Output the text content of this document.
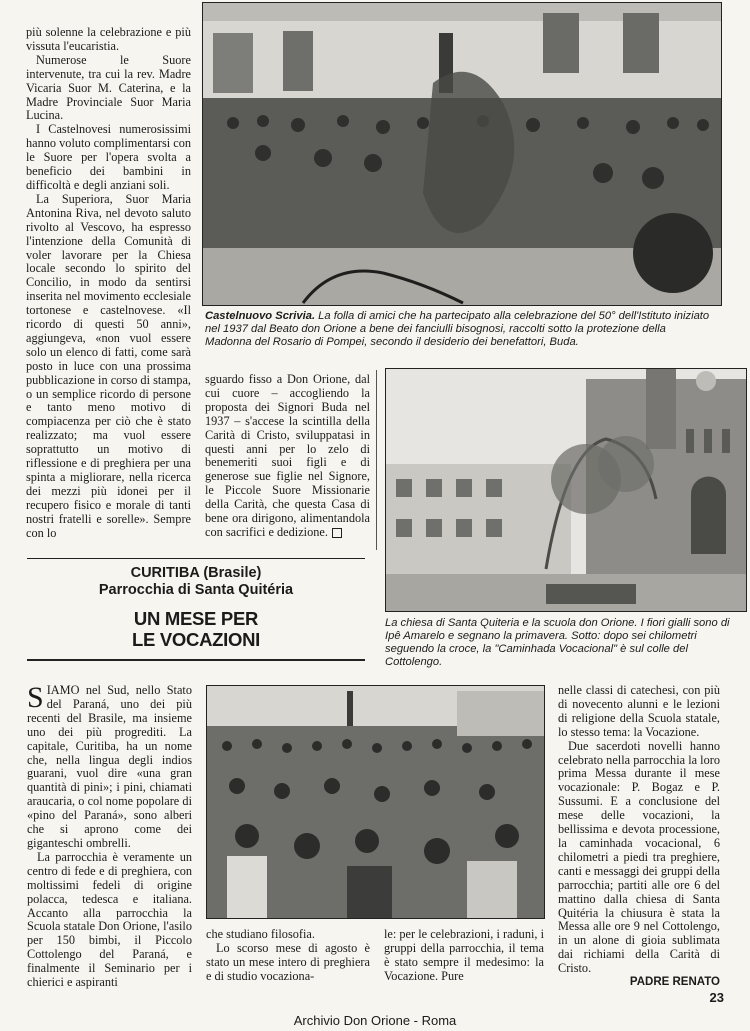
più solenne la celebrazione e più vissuta l'eucaristia.

Numerose le Suore intervenute, tra cui la rev. Madre Vicaria Suor M. Caterina, e la Madre Provinciale Suor Maria Lucina.

I Castelnovesi numerosissimi hanno voluto complimentarsi con le Suore per l'opera svolta a beneficio dei bambini in difficoltà e degli anziani soli.

La Superiora, Suor Maria Antonina Riva, nel devoto saluto rivolto al Vescovo, ha espresso l'intenzione della Comunità di voler lavorare per la Chiesa locale secondo lo spirito del Concilio, in modo da sentirsi inserita nel movimento ecclesiale tortonese e castelnovese. «Il ricordo di questi 50 anni», aggiungeva, «non vuol essere solo un elenco di fatti, come sarà posto in luce con una prossima pubblicazione in corso di stampa, o un semplice ricordo di persone e tanto meno motivo di compiacenza per ciò che è stato realizzato; ma vuol essere soprattutto un motivo di riflessione e di preghiera per una spinta a migliorare, nella ricerca dei mezzi più idonei per il recupero fisico e morale di tanti nostri fratelli e sorelle». Sempre con lo

Castelnuovo Scrivia. La folla di amici che ha partecipato alla celebrazione del 50° dell'Istituto iniziato nel 1937 dal Beato don Orione a bene dei fanciulli bisognosi, raccolti sotto la protezione della Madonna del Rosario di Pompei, secondo il desiderio dei benefattori, Buda.

sguardo fisso a Don Orione, dal cui cuore – accogliendo la proposta dei Signori Buda nel 1937 – s'accese la scintilla della Carità di Cristo, sviluppatasi in questi anni per lo zelo di benemeriti suoi figli e di generose sue figlie nel Signore, le Piccole Suore Missionarie della Carità, che questa Casa di bene ora dirigono, alimentandola con sacrifici e dedizione.

La chiesa di Santa Quiteria e la scuola don Orione. I fiori gialli sono di Ipê Amarelo e segnano la primavera. Sotto: dopo sei chilometri seguendo la croce, la "Caminhada Vocacional" è sul colle del Cottolengo.
CURITIBA (Brasile)
Parrocchia di Santa Quitéria
UN MESE PER
LE VOCAZIONI

SIAMO nel Sud, nello Stato del Paraná, uno dei più recenti del Brasile, ma insieme uno dei più progrediti. La capitale, Curitiba, ha un nome che, nella lingua degli indios guarani, vuol dire «una gran quantità di pini»; i pini, chiamati araucaria, o col nome popolare di «pino del Paraná», sono alberi che si aprono come dei giganteschi ombrelli.

La parrocchia è veramente un centro di fede e di preghiera, con moltissimi fedeli di origine polacca, tedesca e italiana. Accanto alla parrocchia la Scuola statale Don Orione, l'asilo per 150 bimbi, il Piccolo Cottolengo del Paraná, e finalmente il Seminario per i chierici e aspiranti

che studiano filosofia.

Lo scorso mese di agosto è stato un mese intero di preghiera e di studio vocaziona-

le: per le celebrazioni, i raduni, i gruppi della parrocchia, il tema è stato sempre il medesimo: la Vocazione. Pure

nelle classi di catechesi, con più di novecento alunni e le lezioni di religione della Scuola statale, lo stesso tema: la Vocazione.

Due sacerdoti novelli hanno celebrato nella parrocchia la loro prima Messa durante il mese vocazionale: P. Bogaz e P. Sussumi. E a conclusione del mese delle vocazioni, la bellissima e devota processione, la caminhada vocacional, 6 chilometri a piedi tra preghiere, canti e messaggi dei gruppi della parrocchia; partiti alle ore 6 del mattino dalla chiesa di Santa Quitéria la chiusura è stata la Messa alle ore 9 nel Cottolengo, in un alone di gioia sublimata dai richiami della Carità di Cristo.

PADRE RENATO
23
Archivio Don Orione - Roma
